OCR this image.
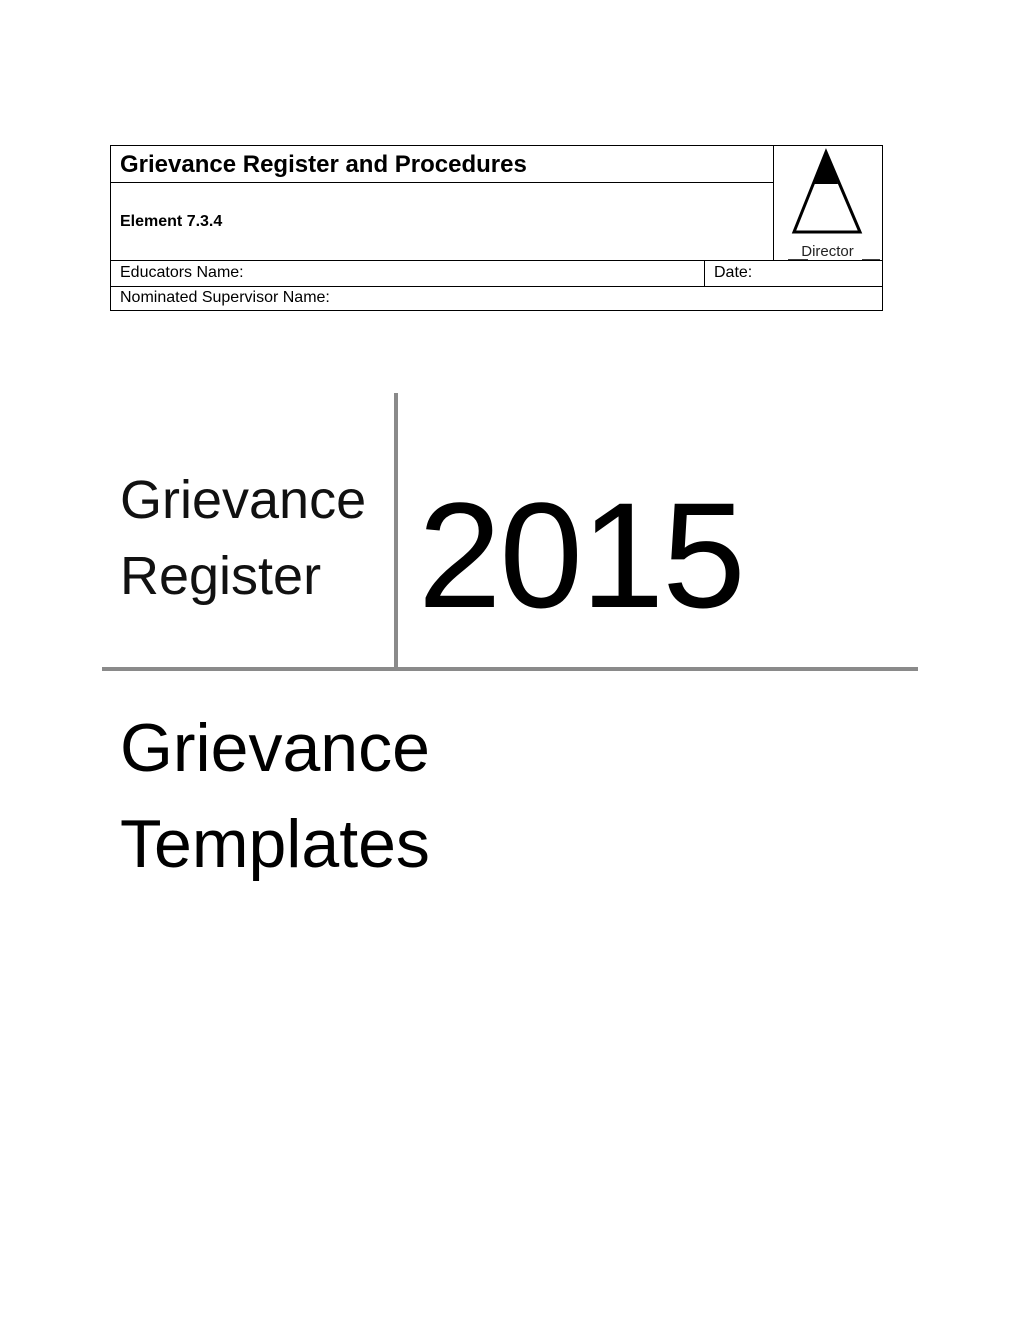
Grievance Register and Procedures
Element 7.3.4
Director
Educators Name:	Date:
Nominated Supervisor Name:
Grievance
Register 2015
Grievance
Templates
